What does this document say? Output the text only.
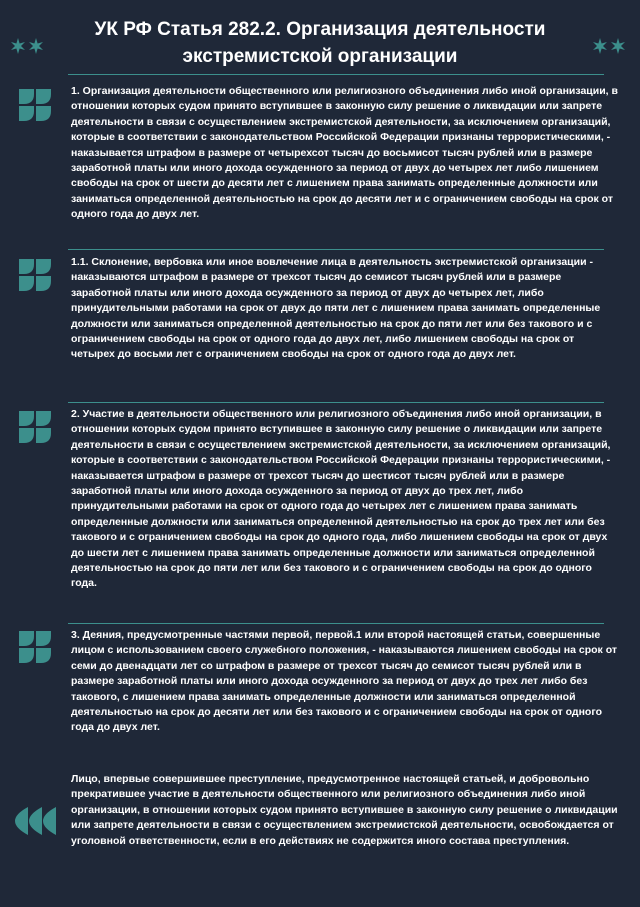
УК РФ Статья 282.2. Организация деятельности
экстремистской организации

1. Организация деятельности общественного или религиозного объединения либо иной организации, в отношении которых судом принято вступившее в законную силу решение о ликвидации или запрете деятельности в связи с осуществлением экстремистской деятельности, за исключением организаций, которые в соответствии с законодательством Российской Федерации признаны террористическими, - наказывается штрафом в размере от четырехсот тысяч до восьмисот тысяч рублей или в размере заработной платы или иного дохода осужденного за период от двух до четырех лет либо лишением свободы на срок от шести до десяти лет с лишением права занимать определенные должности или заниматься определенной деятельностью на срок до десяти лет и с ограничением свободы на срок от одного года до двух лет.

1.1. Склонение, вербовка или иное вовлечение лица в деятельность экстремистской организации -

наказываются штрафом в размере от трехсот тысяч до семисот тысяч рублей или в размере заработной платы или иного дохода осужденного за период от двух до четырех лет, либо принудительными работами на срок от двух до пяти лет с лишением права занимать определенные должности или заниматься определенной деятельностью на срок до пяти лет или без такового и с ограничением свободы на срок от одного года до двух лет, либо лишением свободы на срок от четырех до восьми лет с ограничением свободы на срок от одного года до двух лет.

2. Участие в деятельности общественного или религиозного объединения либо иной организации, в отношении которых судом принято вступившее в законную силу решение о ликвидации или запрете деятельности в связи с осуществлением экстремистской деятельности, за исключением организаций, которые в соответствии с законодательством Российской Федерации признаны террористическими, - наказывается штрафом в размере от трехсот тысяч до шестисот тысяч рублей или в размере заработной платы или иного дохода осужденного за период от двух до трех лет, либо принудительными работами на срок от одного года до четырех лет с лишением права занимать определенные должности или заниматься определенной деятельностью на срок до трех лет или без такового и с ограничением свободы на срок до одного года, либо лишением свободы на срок от двух до шести лет с лишением права занимать определенные должности или заниматься определенной деятельностью на срок до пяти лет или без такового и с ограничением свободы на срок до одного года.

3. Деяния, предусмотренные частями первой, первой.1 или второй настоящей статьи, совершенные лицом с использованием своего служебного положения, - наказываются лишением свободы на срок от семи до двенадцати лет со штрафом в размере от трехсот тысяч до семисот тысяч рублей или в размере заработной платы или иного дохода осужденного за период от двух до трех лет либо без такового, с лишением права занимать определенные должности или заниматься определенной деятельностью на срок до десяти лет или без такового и с ограничением свободы на срок от одного года до двух лет.

Лицо, впервые совершившее преступление, предусмотренное настоящей статьей, и добровольно прекратившее участие в деятельности общественного или религиозного объединения либо иной организации, в отношении которых судом принято вступившее в законную силу решение о ликвидации или запрете деятельности в связи с осуществлением экстремистской деятельности, освобождается от уголовной ответственности, если в его действиях не содержится иного состава преступления.
